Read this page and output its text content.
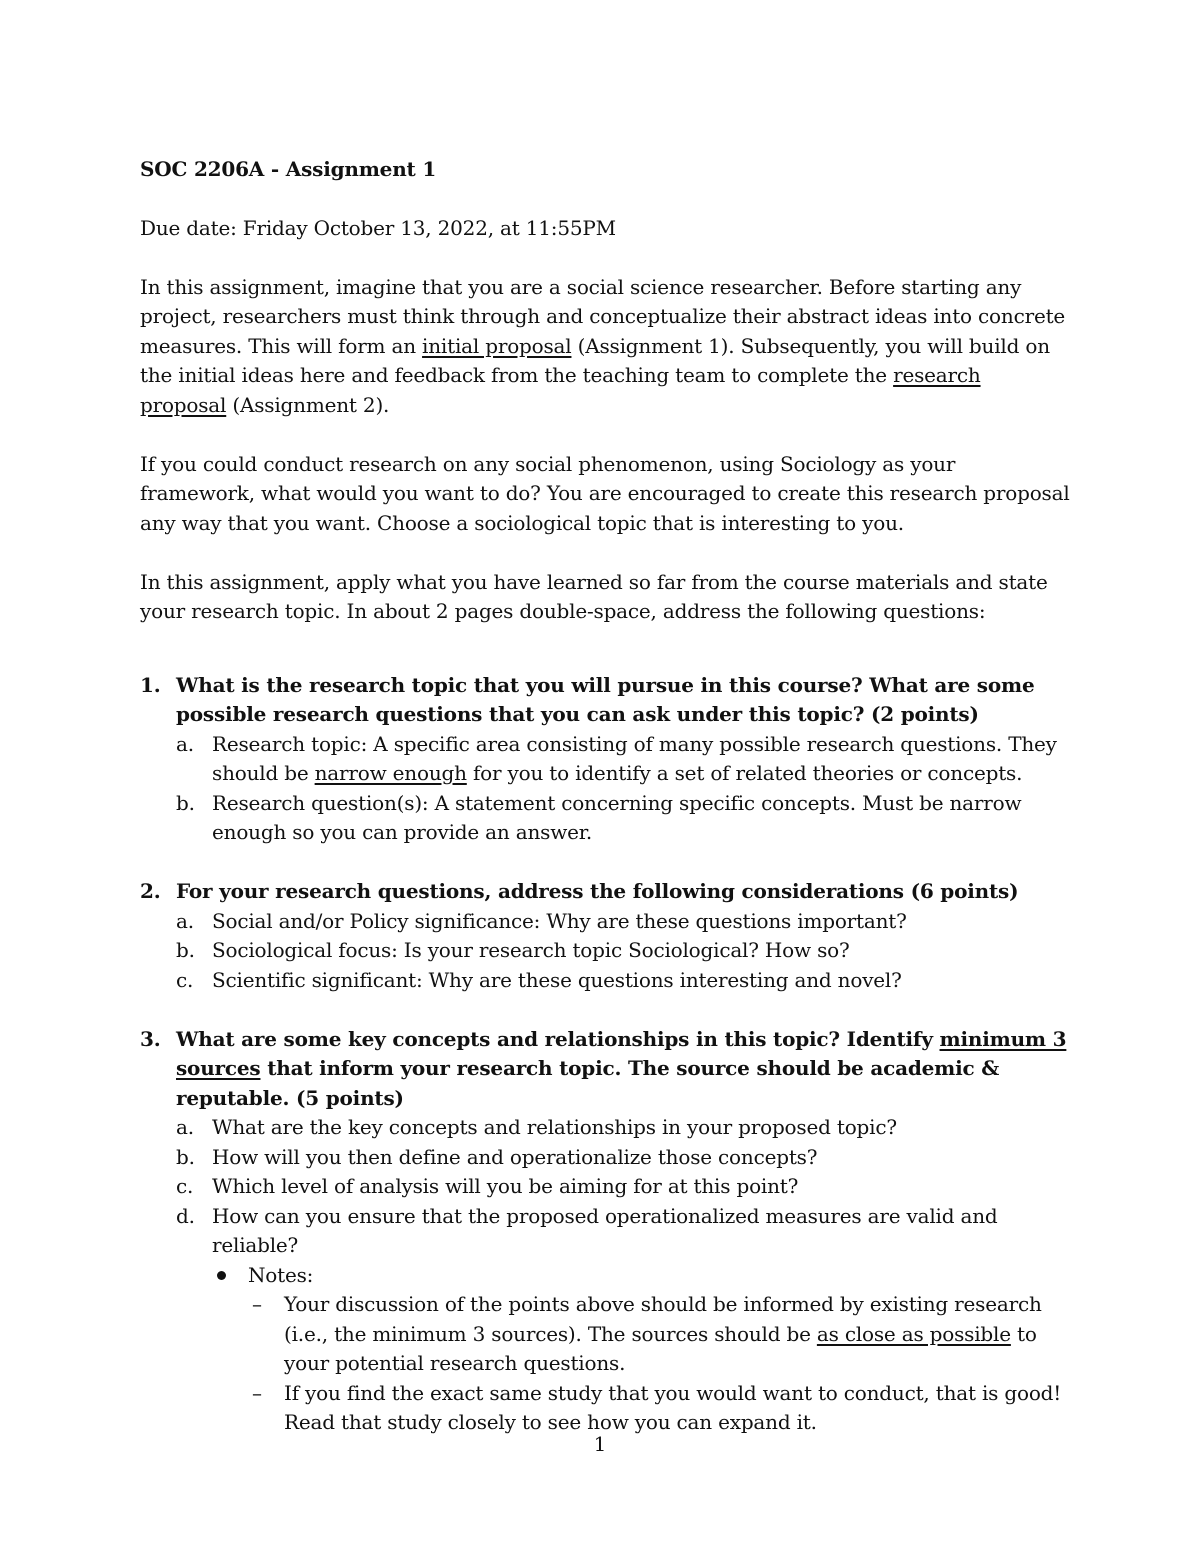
SOC 2206A - Assignment 1

Due date: Friday October 13, 2022, at 11:55PM

In this assignment, imagine that you are a social science researcher. Before starting any project, researchers must think through and conceptualize their abstract ideas into concrete measures. This will form an initial proposal (Assignment 1). Subsequently, you will build on the initial ideas here and feedback from the teaching team to complete the research proposal (Assignment 2).

If you could conduct research on any social phenomenon, using Sociology as your framework, what would you want to do? You are encouraged to create this research proposal any way that you want. Choose a sociological topic that is interesting to you.

In this assignment, apply what you have learned so far from the course materials and state your research topic. In about 2 pages double-space, address the following questions:

1. What is the research topic that you will pursue in this course? What are some possible research questions that you can ask under this topic? (2 points)
a. Research topic: A specific area consisting of many possible research questions. They should be narrow enough for you to identify a set of related theories or concepts.
b. Research question(s): A statement concerning specific concepts. Must be narrow enough so you can provide an answer.
2. For your research questions, address the following considerations (6 points)
a. Social and/or Policy significance: Why are these questions important?
b. Sociological focus: Is your research topic Sociological? How so?
c. Scientific significant: Why are these questions interesting and novel?
3. What are some key concepts and relationships in this topic? Identify minimum 3 sources that inform your research topic. The source should be academic & reputable. (5 points)
a. What are the key concepts and relationships in your proposed topic?
b. How will you then define and operationalize those concepts?
c. Which level of analysis will you be aiming for at this point?
d. How can you ensure that the proposed operationalized measures are valid and reliable?
Notes:
– Your discussion of the points above should be informed by existing research (i.e., the minimum 3 sources). The sources should be as close as possible to your potential research questions.
– If you find the exact same study that you would want to conduct, that is good! Read that study closely to see how you can expand it.
1
